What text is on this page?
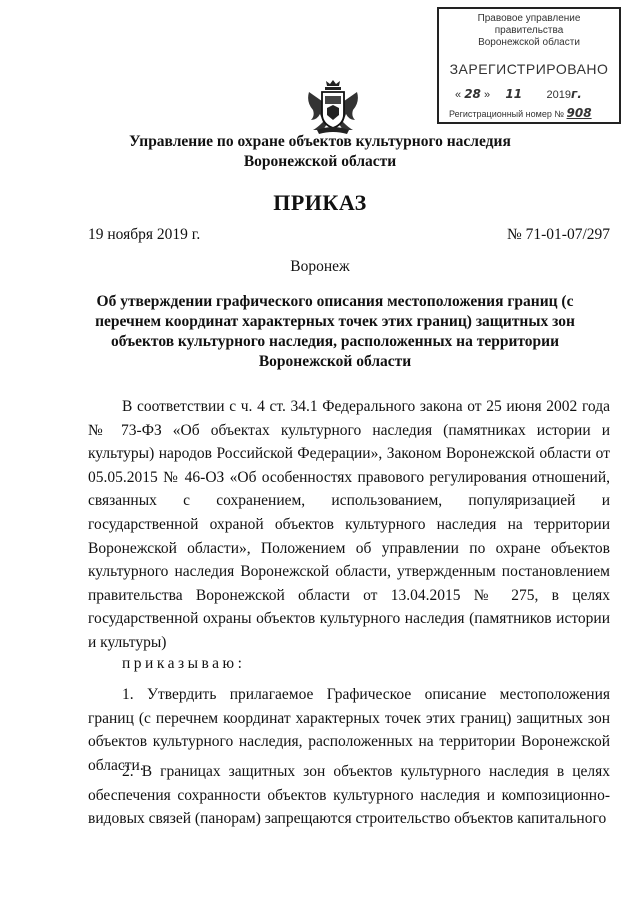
Правовое управление правительства
Воронежской области
ЗАРЕГИСТРИРОВАНО
« 28 »     11 2019г.
Регистрационный номер № 908
Управление по охране объектов культурного наследия
Воронежской области
ПРИКАЗ
19 ноября 2019 г.	№ 71-01-07/297
Воронеж
Об утверждении графического описания местоположения границ (с перечнем координат характерных точек этих границ) защитных зон объектов культурного наследия, расположенных на территории Воронежской области

В соответствии с ч. 4 ст. 34.1 Федерального закона от 25 июня 2002 года № 73-ФЗ «Об объектах культурного наследия (памятниках истории и культуры) народов Российской Федерации», Законом Воронежской области от 05.05.2015 № 46-ОЗ «Об особенностях правового регулирования отношений, связанных с сохранением, использованием, популяризацией и государственной охраной объектов культурного наследия на территории Воронежской области», Положением об управлении по охране объектов культурного наследия Воронежской области, утвержденным постановлением правительства Воронежской области от 13.04.2015 № 275, в целях государственной охраны объектов культурного наследия (памятников истории и культуры)

приказываю:

1. Утвердить прилагаемое Графическое описание местоположения границ (с перечнем координат характерных точек этих границ) защитных зон объектов культурного наследия, расположенных на территории Воронежской области.

2. В границах защитных зон объектов культурного наследия в целях обеспечения сохранности объектов культурного наследия и композиционно-видовых связей (панорам) запрещаются строительство объектов капитального
